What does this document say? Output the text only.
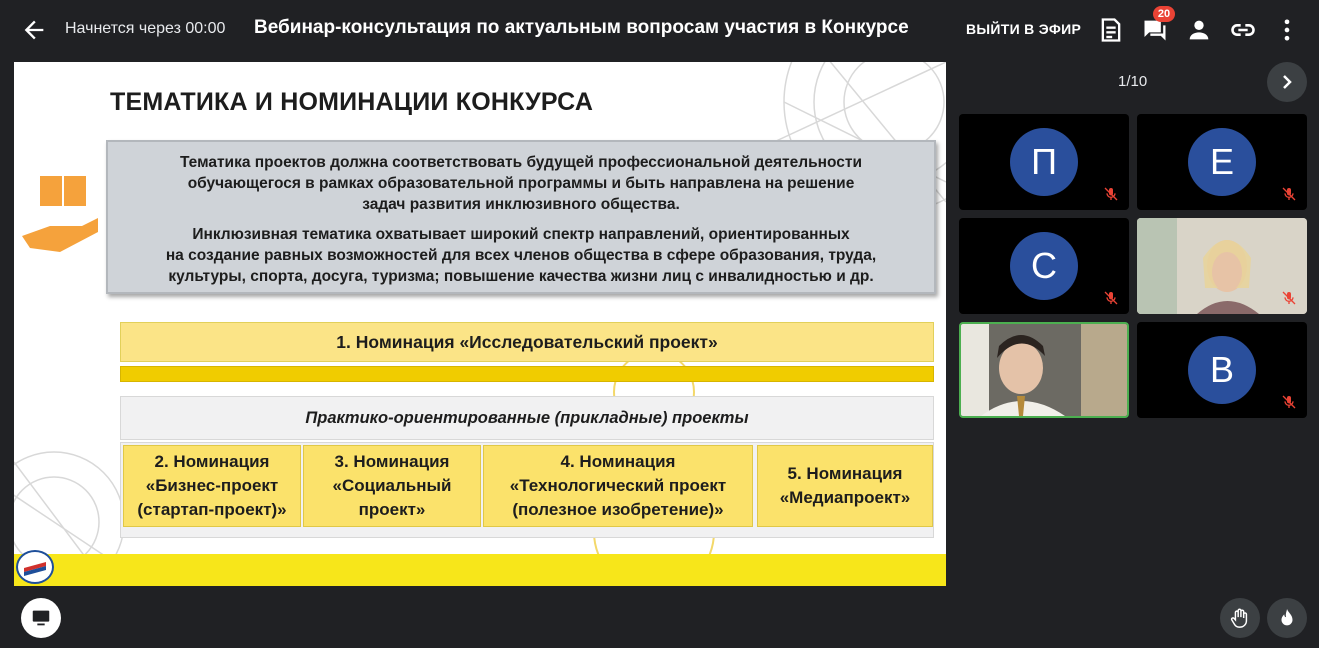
Начнется через 00:00 Вебинар-консультация по актуальным вопросам участия в Конкурсе	ВЫЙТИ В ЭФИР
20
ТЕМАТИКА И НОМИНАЦИИ КОНКУРСА

Тематика проектов должна соответствовать будущей профессиональной деятельности
обучающегося в рамках образовательной программы и быть направлена на решение
задач развития инклюзивного общества.

Инклюзивная тематика охватывает широкий спектр направлений, ориентированных
на создание равных возможностей для всех членов общества в сфере образования, труда,
культуры, спорта, досуга, туризма; повышение качества жизни лиц с инвалидностью и др.

1. Номинация «Исследовательский проект»
Практико-ориентированные (прикладные) проекты
2. Номинация
«Бизнес-проект
(стартап-проект)»
3. Номинация
«Социальный
проект»
4. Номинация
«Технологический проект
(полезное изобретение)»
5. Номинация
«Медиапроект»
1/10
П	Е
С
В
